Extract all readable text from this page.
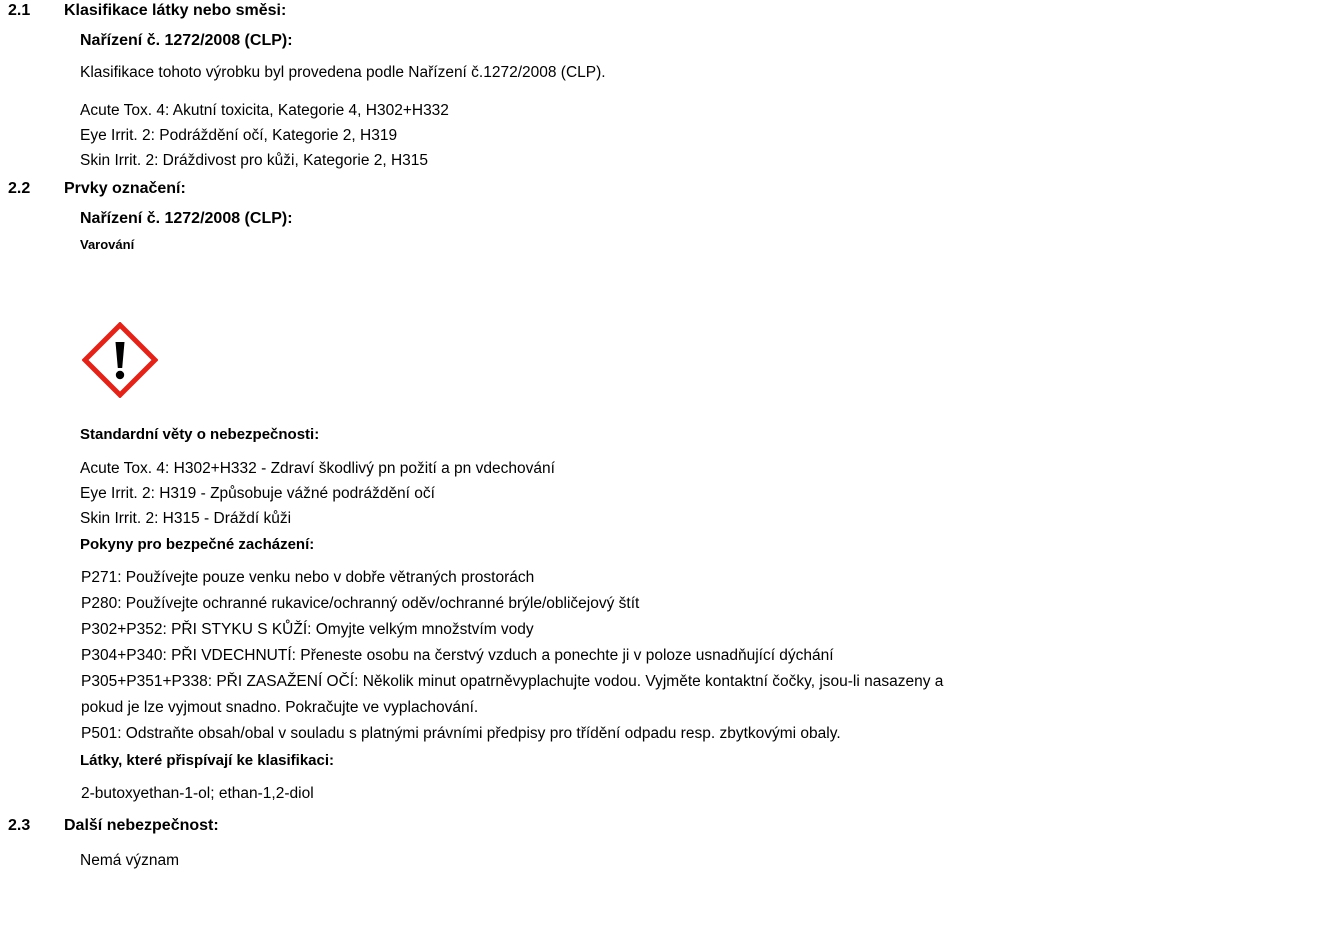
2.1 Klasifikace látky nebo směsi:
Nařízení č. 1272/2008 (CLP):
Klasifikace tohoto výrobku byl provedena podle Nařízení č.1272/2008 (CLP).
Acute Tox. 4: Akutní toxicita, Kategorie 4, H302+H332
Eye Irrit. 2: Podráždění očí, Kategorie 2, H319
Skin Irrit. 2: Dráždivost pro kůži, Kategorie 2, H315
2.2 Prvky označení:
Nařízení č. 1272/2008 (CLP):
Varování
Standardní věty o nebezpečnosti:
Acute Tox. 4: H302+H332 - Zdraví škodlivý pn požití a pn vdechování
Eye Irrit. 2: H319 - Způsobuje vážné podráždění očí
Skin Irrit. 2: H315 - Dráždí kůži
Pokyny pro bezpečné zacházení:
P271: Používejte pouze venku nebo v dobře větraných prostorách
P280: Používejte ochranné rukavice/ochranný oděv/ochranné brýle/obličejový štít
P302+P352: PŘI STYKU S KŮŽÍ: Omyjte velkým množstvím vody
P304+P340: PŘI VDECHNUTÍ: Přeneste osobu na čerstvý vzduch a ponechte ji v poloze usnadňující dýchání
P305+P351+P338: PŘI ZASAŽENÍ OČÍ: Několik minut opatrněvyplachujte vodou. Vyjměte kontaktní čočky, jsou-li nasazeny a
pokud je lze vyjmout snadno. Pokračujte ve vyplachování.
P501: Odstraňte obsah/obal v souladu s platnými právními předpisy pro třídění odpadu resp. zbytkovými obaly.
Látky, které přispívají ke klasifikaci:
2-butoxyethan-1-ol; ethan-1,2-diol
2.3 Další nebezpečnost:
Nemá význam
